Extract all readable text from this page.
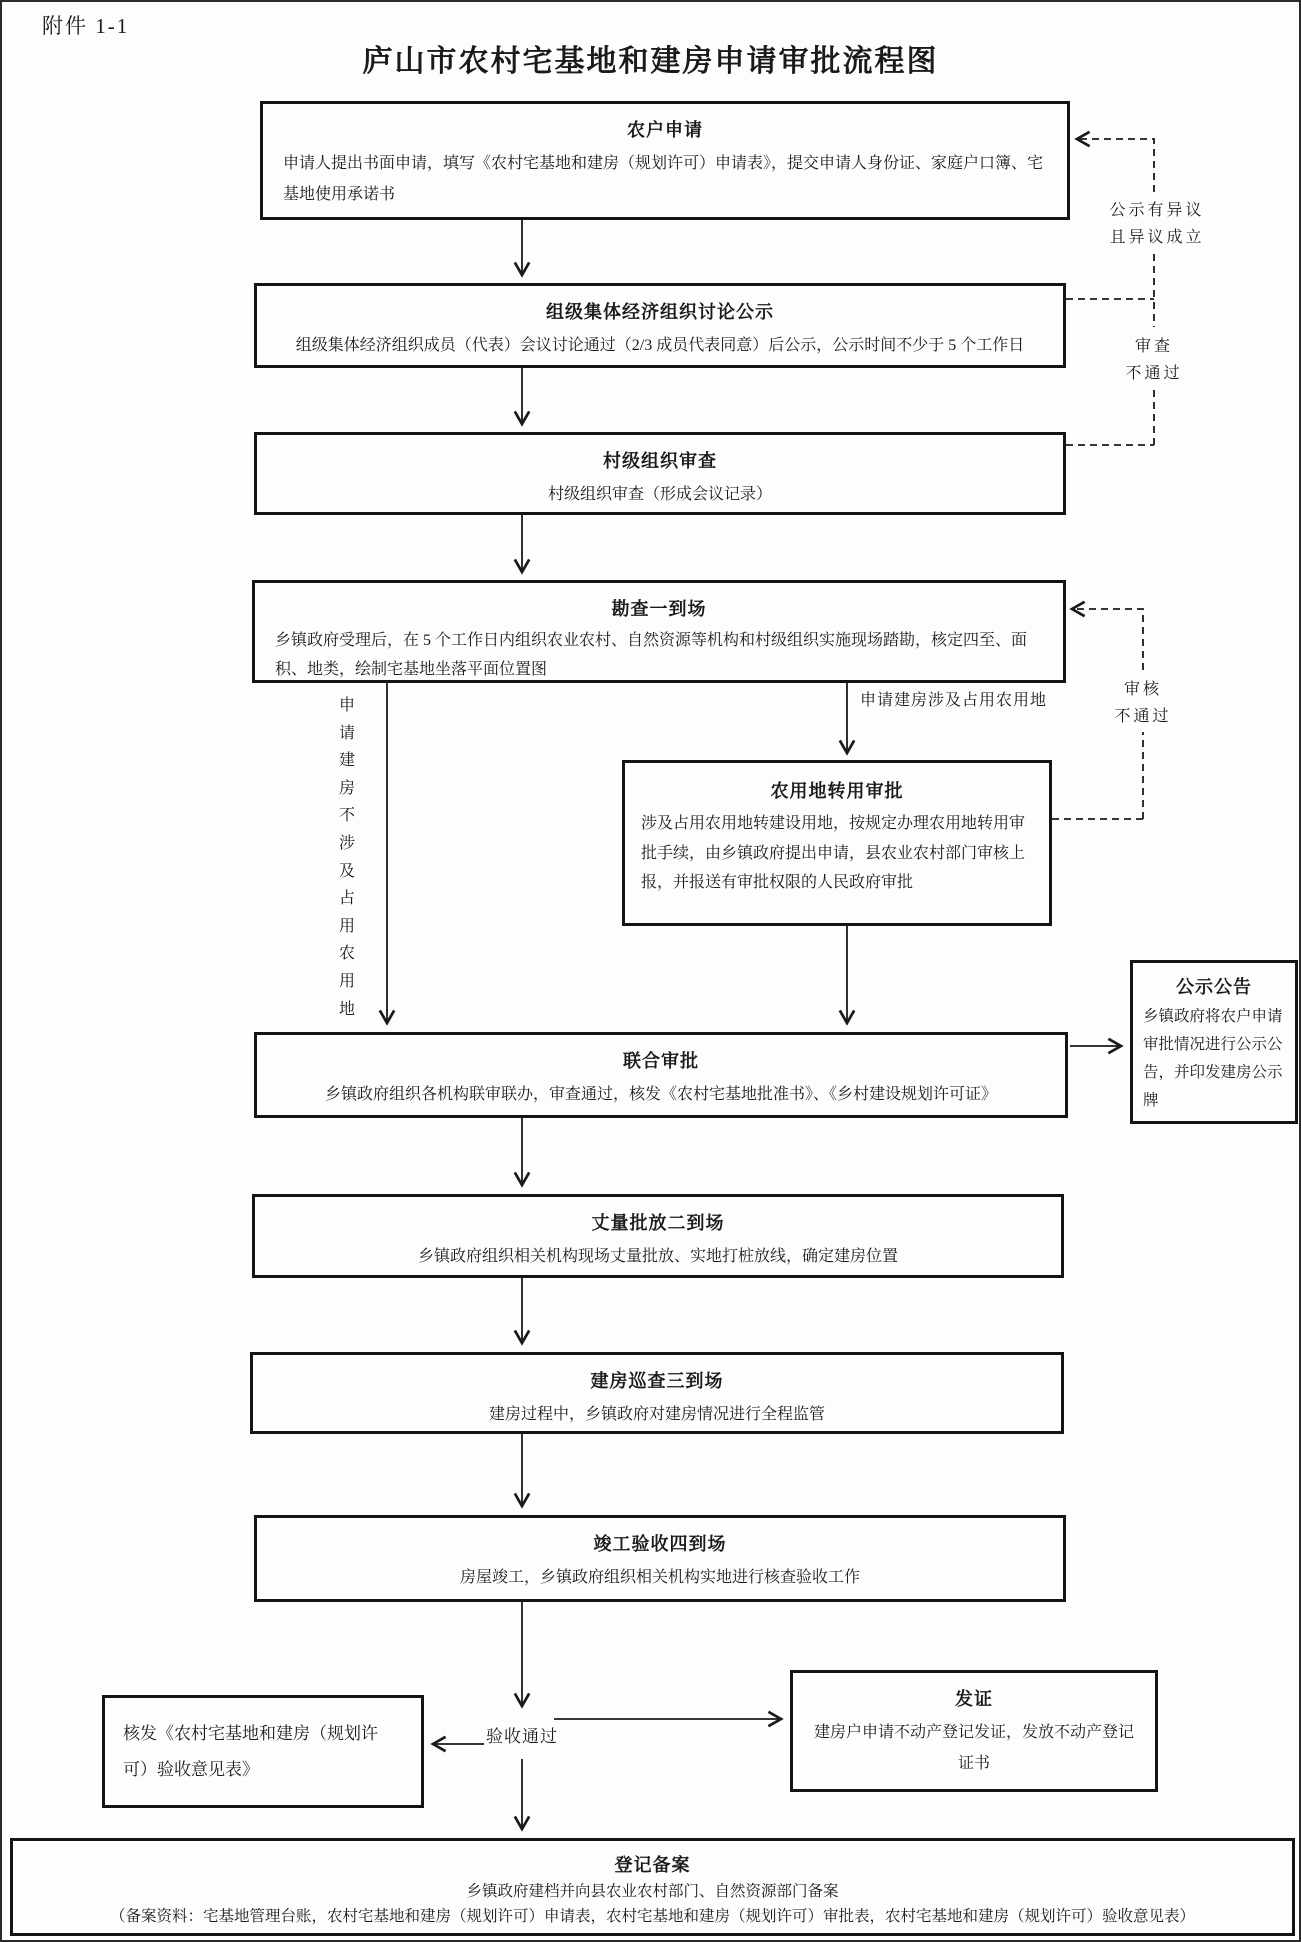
附件 1-1
庐山市农村宅基地和建房申请审批流程图
农户申请
申请人提出书面申请，填写《农村宅基地和建房（规划许可）申请表》，提交申请人身份证、家庭户口簿、宅基地使用承诺书
组级集体经济组织讨论公示
组级集体经济组织成员（代表）会议讨论通过（2/3 成员代表同意）后公示，公示时间不少于 5 个工作日
村级组织审查
村级组织审查（形成会议记录）
勘查一到场
乡镇政府受理后，在 5 个工作日内组织农业农村、自然资源等机构和村级组织实施现场踏勘，核定四至、面积、地类，绘制宅基地坐落平面位置图
农用地转用审批
涉及占用农用地转建设用地，按规定办理农用地转用审批手续，由乡镇政府提出申请，县农业农村部门审核上报，并报送有审批权限的人民政府审批
联合审批
乡镇政府组织各机构联审联办，审查通过，核发《农村宅基地批准书》、《乡村建设规划许可证》
公示公告
乡镇政府将农户申请审批情况进行公示公告，并印发建房公示牌
丈量批放二到场
乡镇政府组织相关机构现场丈量批放、实地打桩放线，确定建房位置
建房巡查三到场
建房过程中，乡镇政府对建房情况进行全程监管
竣工验收四到场
房屋竣工，乡镇政府组织相关机构实地进行核查验收工作
发证
建房户申请不动产登记发证，发放不动产登记证书
核发《农村宅基地和建房（规划许可）验收意见表》
登记备案
乡镇政府建档并向县农业农村部门、自然资源部门备案
（备案资料：宅基地管理台账，农村宅基地和建房（规划许可）申请表，农村宅基地和建房（规划许可）审批表，农村宅基地和建房（规划许可）验收意见表）
公示有异议
且异议成立
审查
不通过
审核
不通过
申请建房涉及占用农用地
申请建房不涉及占用农用地
验收通过
